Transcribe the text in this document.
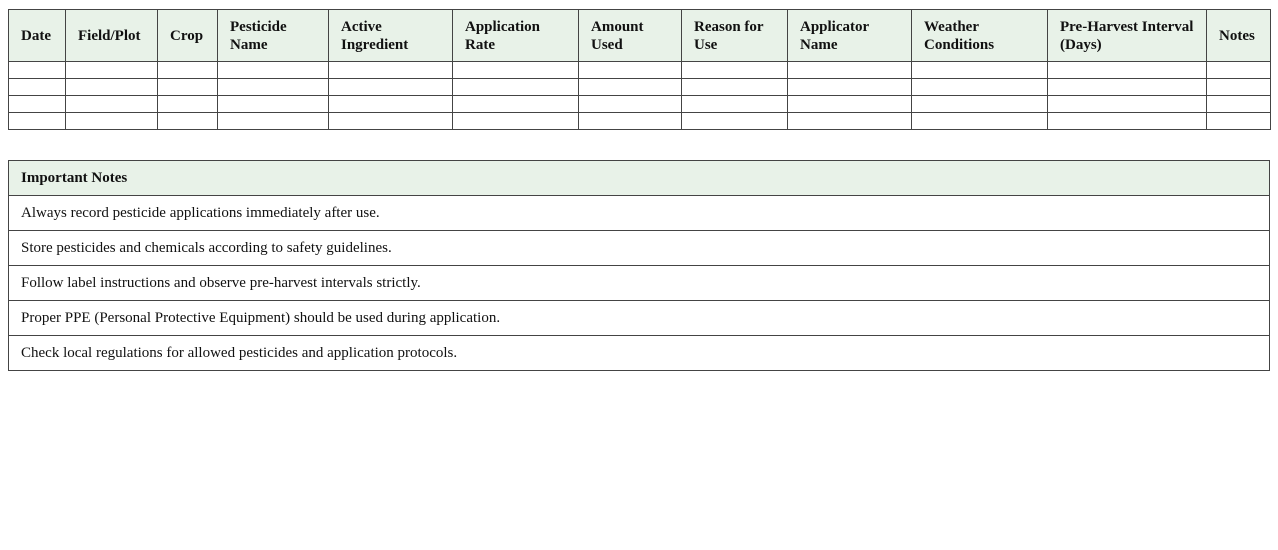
Date	Field/Plot	Crop	Pesticide Name	Active Ingredient	Application Rate	Amount Used	Reason for Use	Applicator Name	Weather Conditions	Pre-Harvest Interval (Days)	Notes

Important Notes
Always record pesticide applications immediately after use.
Store pesticides and chemicals according to safety guidelines.
Follow label instructions and observe pre-harvest intervals strictly.
Proper PPE (Personal Protective Equipment) should be used during application.
Check local regulations for allowed pesticides and application protocols.
